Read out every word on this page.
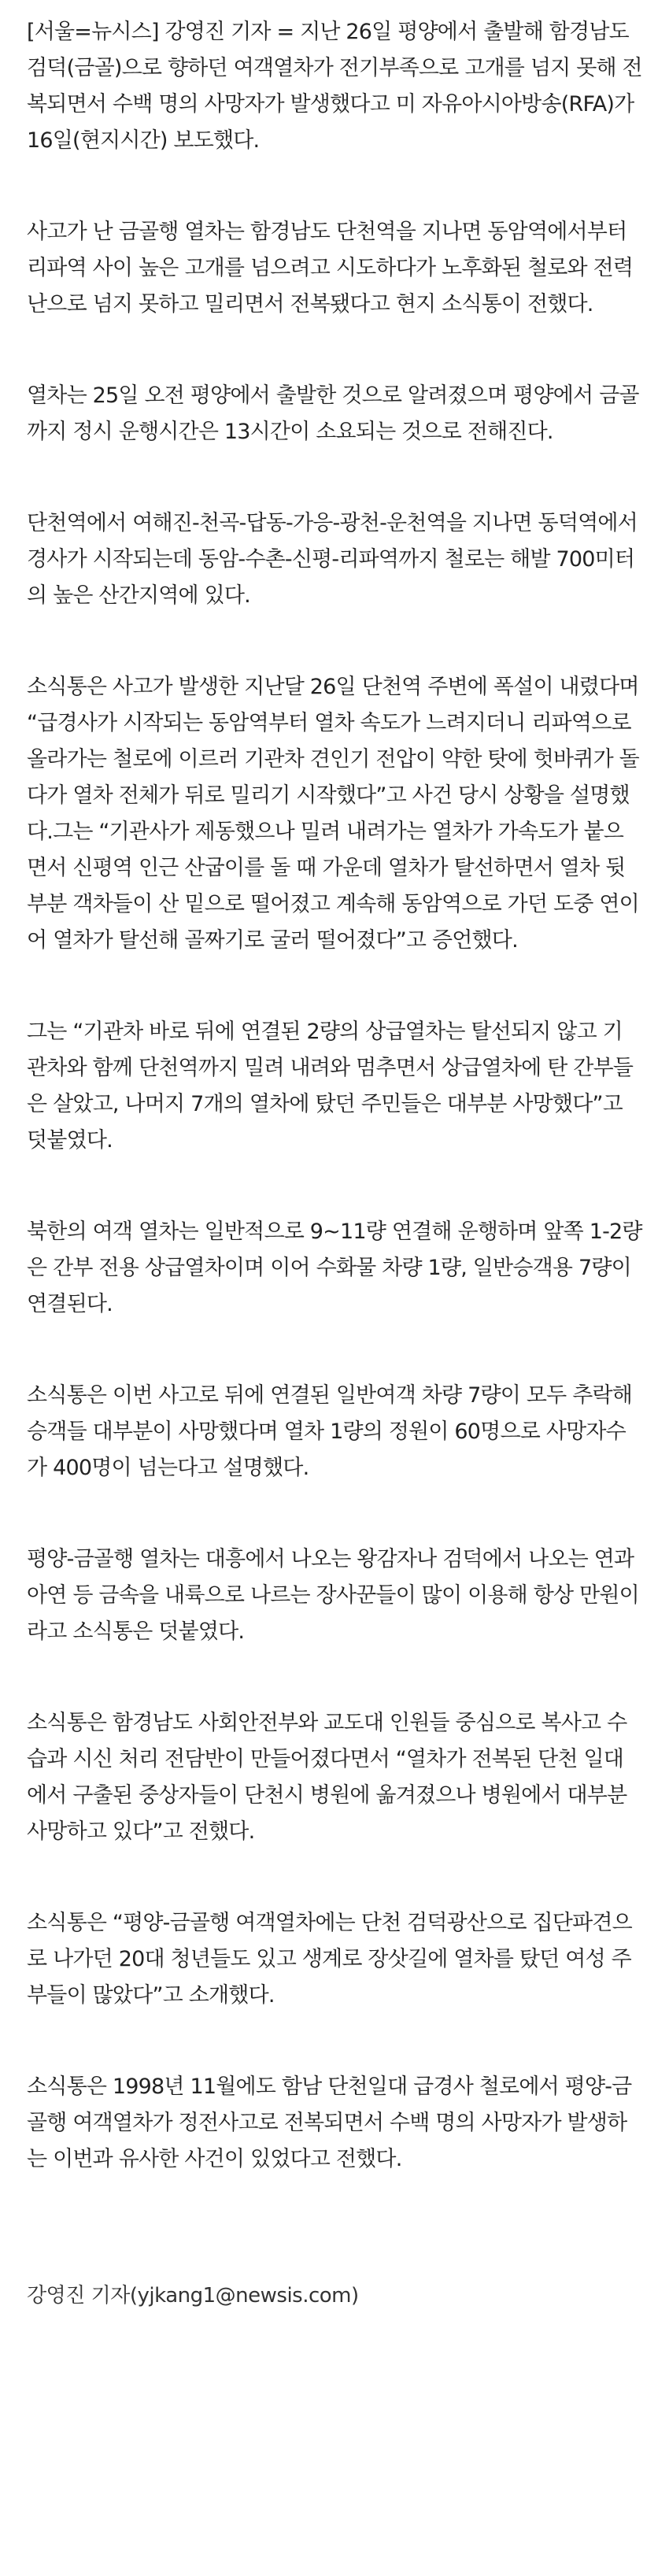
[서울=뉴시스] 강영진 기자 = 지난 26일 평양에서 출발해 함경남도 검덕(금골)으로 향하던 여객열차가 전기부족으로 고개를 넘지 못해 전복되면서 수백 명의 사망자가 발생했다고 미 자유아시아방송(RFA)가 16일(현지시간) 보도했다.

사고가 난 금골행 열차는 함경남도 단천역을 지나면 동암역에서부터 리파역 사이 높은 고개를 넘으려고 시도하다가 노후화된 철로와 전력난으로 넘지 못하고 밀리면서 전복됐다고 현지 소식통이 전했다.

열차는 25일 오전 평양에서 출발한 것으로 알려졌으며 평양에서 금골까지 정시 운행시간은 13시간이 소요되는 것으로 전해진다.

단천역에서 여해진-천곡-답동-가응-광천-운천역을 지나면 동덕역에서 경사가 시작되는데 동암-수촌-신평-리파역까지 철로는 해발 700미터의 높은 산간지역에 있다.

소식통은 사고가 발생한 지난달 26일 단천역 주변에 폭설이 내렸다며 “급경사가 시작되는 동암역부터 열차 속도가 느려지더니 리파역으로 올라가는 철로에 이르러 기관차 견인기 전압이 약한 탓에 헛바퀴가 돌다가 열차 전체가 뒤로 밀리기 시작했다”고 사건 당시 상황을 설명했다.그는 “기관사가 제동했으나 밀려 내려가는 열차가 가속도가 붙으면서 신평역 인근 산굽이를 돌 때 가운데 열차가 탈선하면서 열차 뒷부분 객차들이 산 밑으로 떨어졌고 계속해 동암역으로 가던 도중 연이어 열차가 탈선해 골짜기로 굴러 떨어졌다”고 증언했다.

그는 “기관차 바로 뒤에 연결된 2량의 상급열차는 탈선되지 않고 기관차와 함께 단천역까지 밀려 내려와 멈추면서 상급열차에 탄 간부들은 살았고, 나머지 7개의 열차에 탔던 주민들은 대부분 사망했다”고 덧붙였다.

북한의 여객 열차는 일반적으로 9~11량 연결해 운행하며 앞쪽 1-2량은 간부 전용 상급열차이며 이어 수화물 차량 1량, 일반승객용 7량이 연결된다.

소식통은 이번 사고로 뒤에 연결된 일반여객 차량 7량이 모두 추락해 승객들 대부분이 사망했다며 열차 1량의 정원이 60명으로 사망자수가 400명이 넘는다고 설명했다.

평양-금골행 열차는 대흥에서 나오는 왕감자나 검덕에서 나오는 연과 아연 등 금속을 내륙으로 나르는 장사꾼들이 많이 이용해 항상 만원이라고 소식통은 덧붙였다.

소식통은 함경남도 사회안전부와 교도대 인원들 중심으로 복사고 수습과 시신 처리 전담반이 만들어졌다면서 “열차가 전복된 단천 일대에서 구출된 중상자들이 단천시 병원에 옮겨졌으나 병원에서 대부분 사망하고 있다”고 전했다.

소식통은 “평양-금골행 여객열차에는 단천 검덕광산으로 집단파견으로 나가던 20대 청년들도 있고 생계로 장삿길에 열차를 탔던 여성 주부들이 많았다”고 소개했다.

소식통은 1998년 11월에도 함남 단천일대 급경사 철로에서 평양-금골행 여객열차가 정전사고로 전복되면서 수백 명의 사망자가 발생하는 이번과 유사한 사건이 있었다고 전했다.

강영진 기자(yjkang1@newsis.com)
